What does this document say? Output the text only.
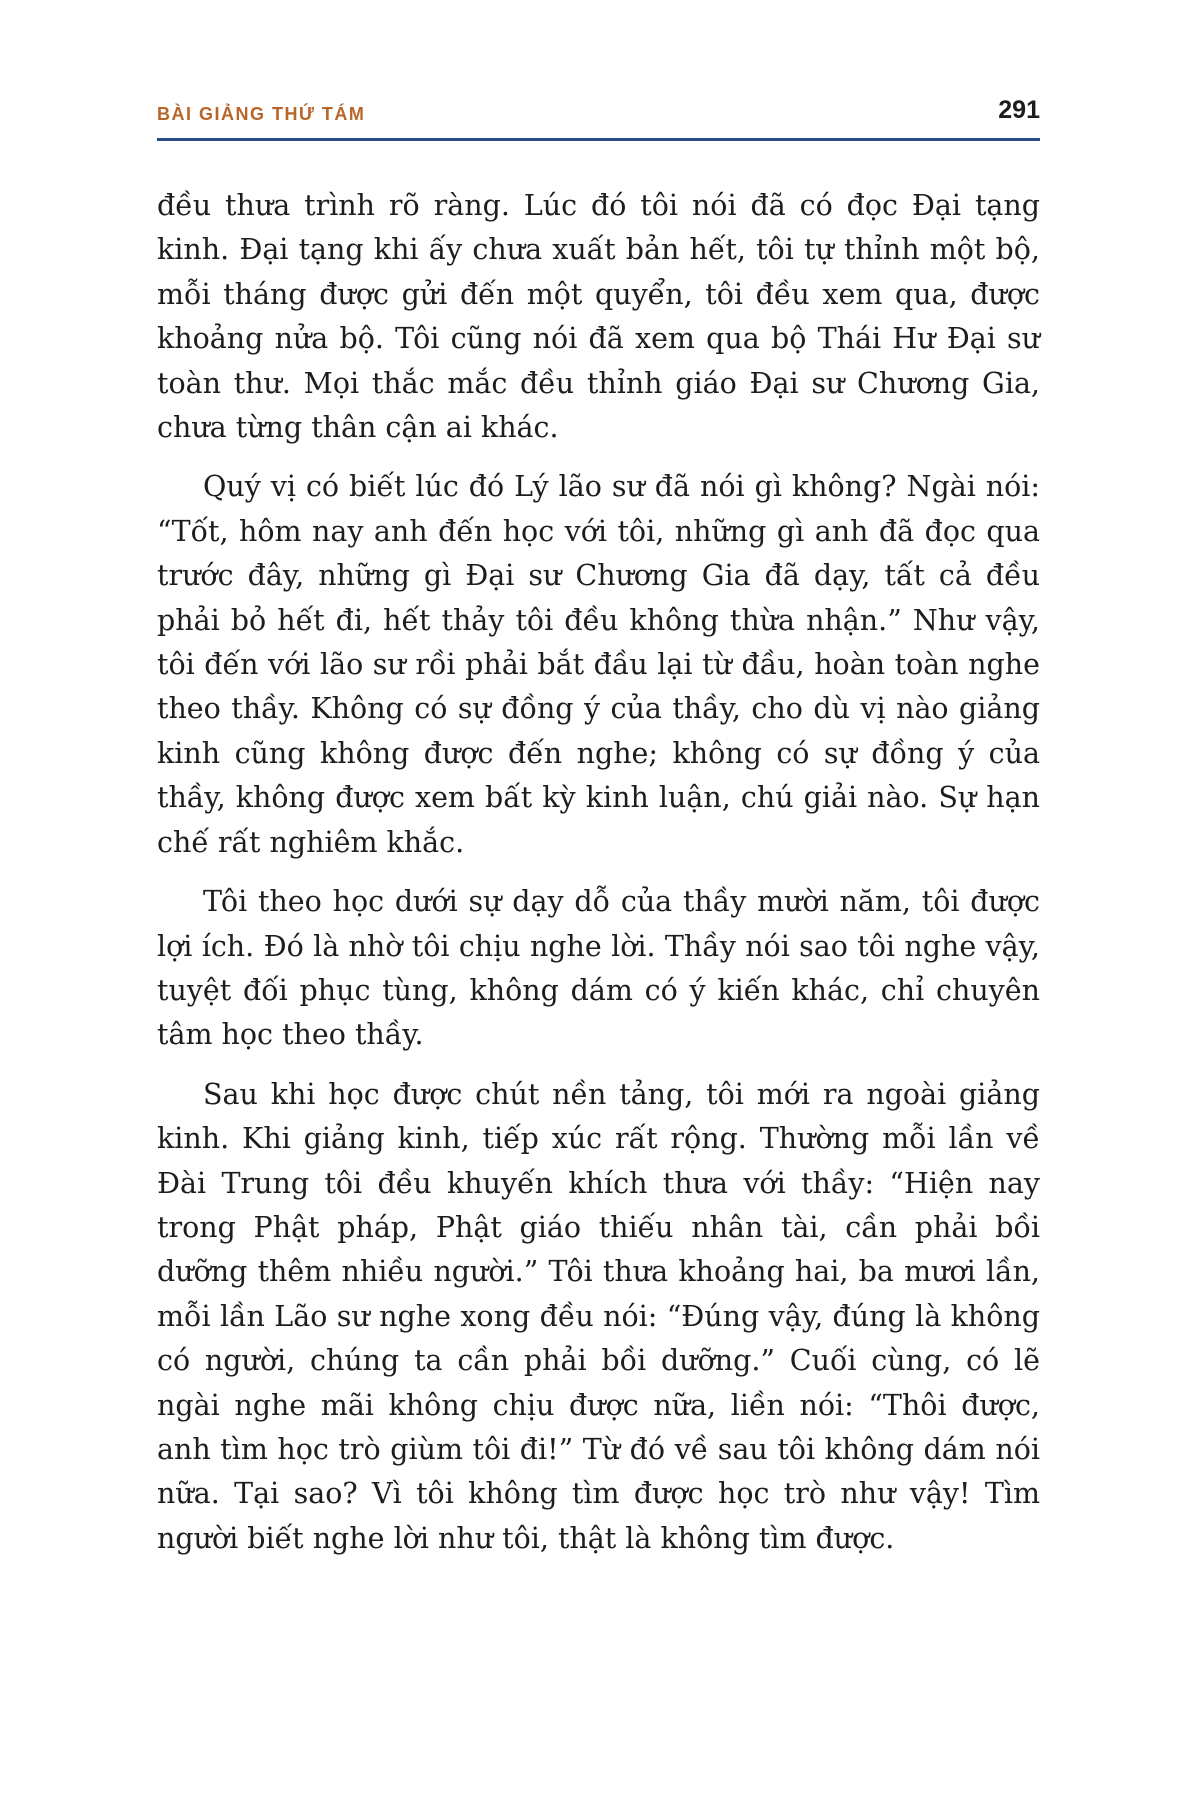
BÀI GIẢNG THỨ TÁM	291

đều thưa trình rõ ràng. Lúc đó tôi nói đã có đọc Đại tạng kinh. Đại tạng khi ấy chưa xuất bản hết, tôi tự thỉnh một bộ, mỗi tháng được gửi đến một quyển, tôi đều xem qua, được khoảng nửa bộ. Tôi cũng nói đã xem qua bộ Thái Hư Đại sư toàn thư. Mọi thắc mắc đều thỉnh giáo Đại sư Chương Gia, chưa từng thân cận ai khác.

Quý vị có biết lúc đó Lý lão sư đã nói gì không? Ngài nói: “Tốt, hôm nay anh đến học với tôi, những gì anh đã đọc qua trước đây, những gì Đại sư Chương Gia đã dạy, tất cả đều phải bỏ hết đi, hết thảy tôi đều không thừa nhận.” Như vậy, tôi đến với lão sư rồi phải bắt đầu lại từ đầu, hoàn toàn nghe theo thầy. Không có sự đồng ý của thầy, cho dù vị nào giảng kinh cũng không được đến nghe; không có sự đồng ý của thầy, không được xem bất kỳ kinh luận, chú giải nào. Sự hạn chế rất nghiêm khắc.

Tôi theo học dưới sự dạy dỗ của thầy mười năm, tôi được lợi ích. Đó là nhờ tôi chịu nghe lời. Thầy nói sao tôi nghe vậy, tuyệt đối phục tùng, không dám có ý kiến khác, chỉ chuyên tâm học theo thầy.

Sau khi học được chút nền tảng, tôi mới ra ngoài giảng kinh. Khi giảng kinh, tiếp xúc rất rộng. Thường mỗi lần về Đài Trung tôi đều khuyến khích thưa với thầy: “Hiện nay trong Phật pháp, Phật giáo thiếu nhân tài, cần phải bồi dưỡng thêm nhiều người.” Tôi thưa khoảng hai, ba mươi lần, mỗi lần Lão sư nghe xong đều nói: “Đúng vậy, đúng là không có người, chúng ta cần phải bồi dưỡng.” Cuối cùng, có lẽ ngài nghe mãi không chịu được nữa, liền nói: “Thôi được, anh tìm học trò giùm tôi đi!” Từ đó về sau tôi không dám nói nữa. Tại sao? Vì tôi không tìm được học trò như vậy! Tìm người biết nghe lời như tôi, thật là không tìm được.
